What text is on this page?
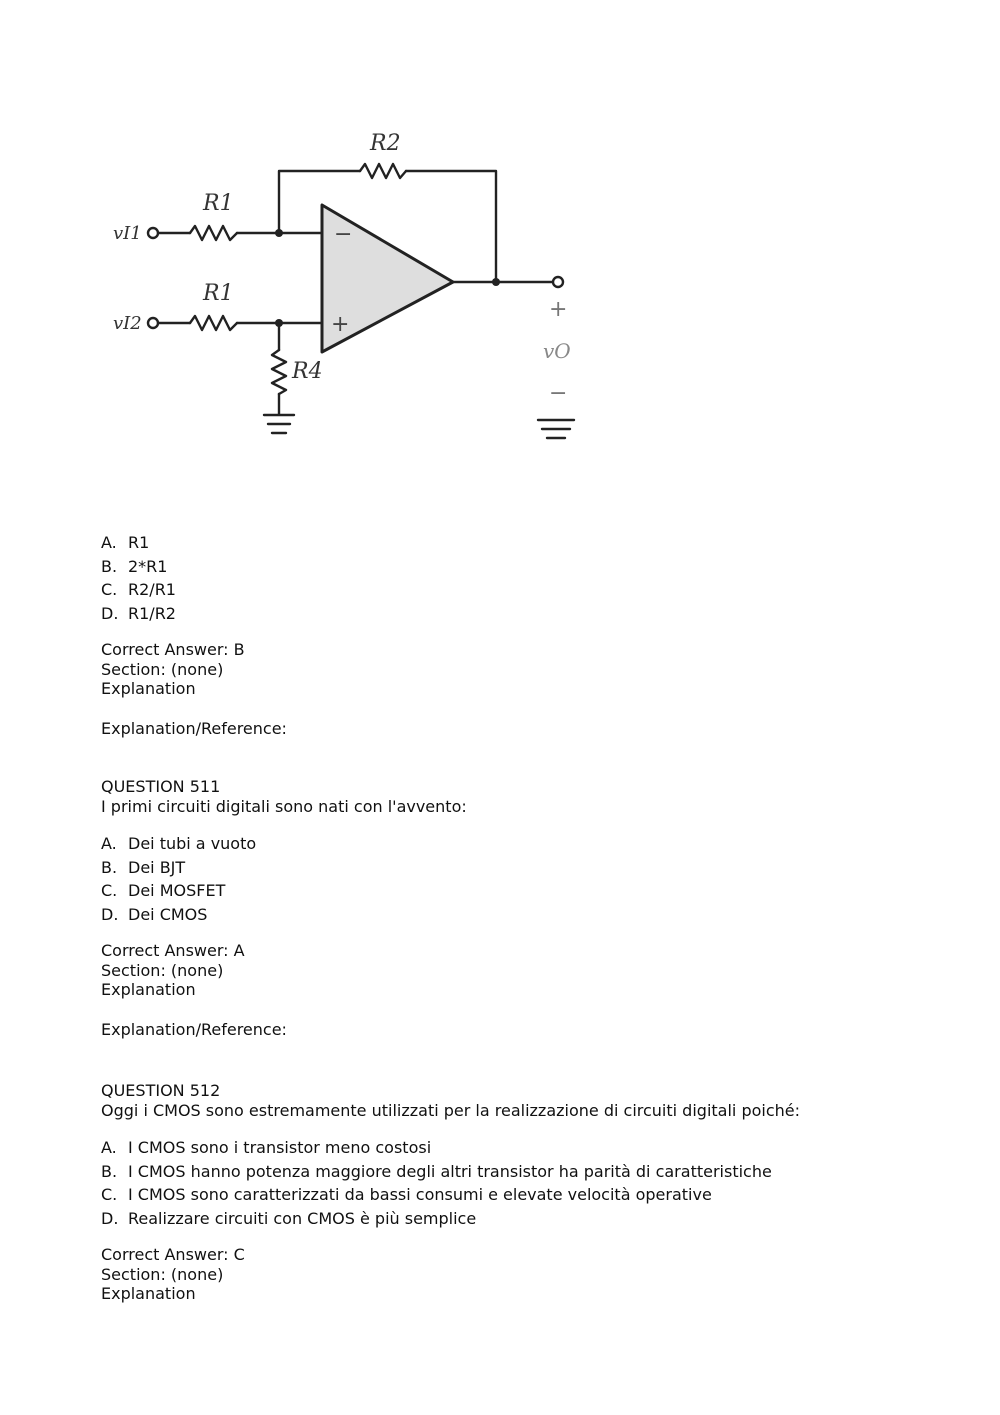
R2
R1
R1
R4
vI1
vI2
vO
−
+
+
−
A. R1
B. 2*R1
C. R2/R1
D. R1/R2
Correct Answer: B
Section: (none)
Explanation
Explanation/Reference:
QUESTION 511
I primi circuiti digitali sono nati con l'avvento:
A. Dei tubi a vuoto
B. Dei BJT
C. Dei MOSFET
D. Dei CMOS
Correct Answer: A
Section: (none)
Explanation
Explanation/Reference:
QUESTION 512
Oggi i CMOS sono estremamente utilizzati per la realizzazione di circuiti digitali poiché:
A. I CMOS sono i transistor meno costosi
B. I CMOS hanno potenza maggiore degli altri transistor ha parità di caratteristiche
C. I CMOS sono caratterizzati da bassi consumi e elevate velocità operative
D. Realizzare circuiti con CMOS è più semplice
Correct Answer: C
Section: (none)
Explanation
